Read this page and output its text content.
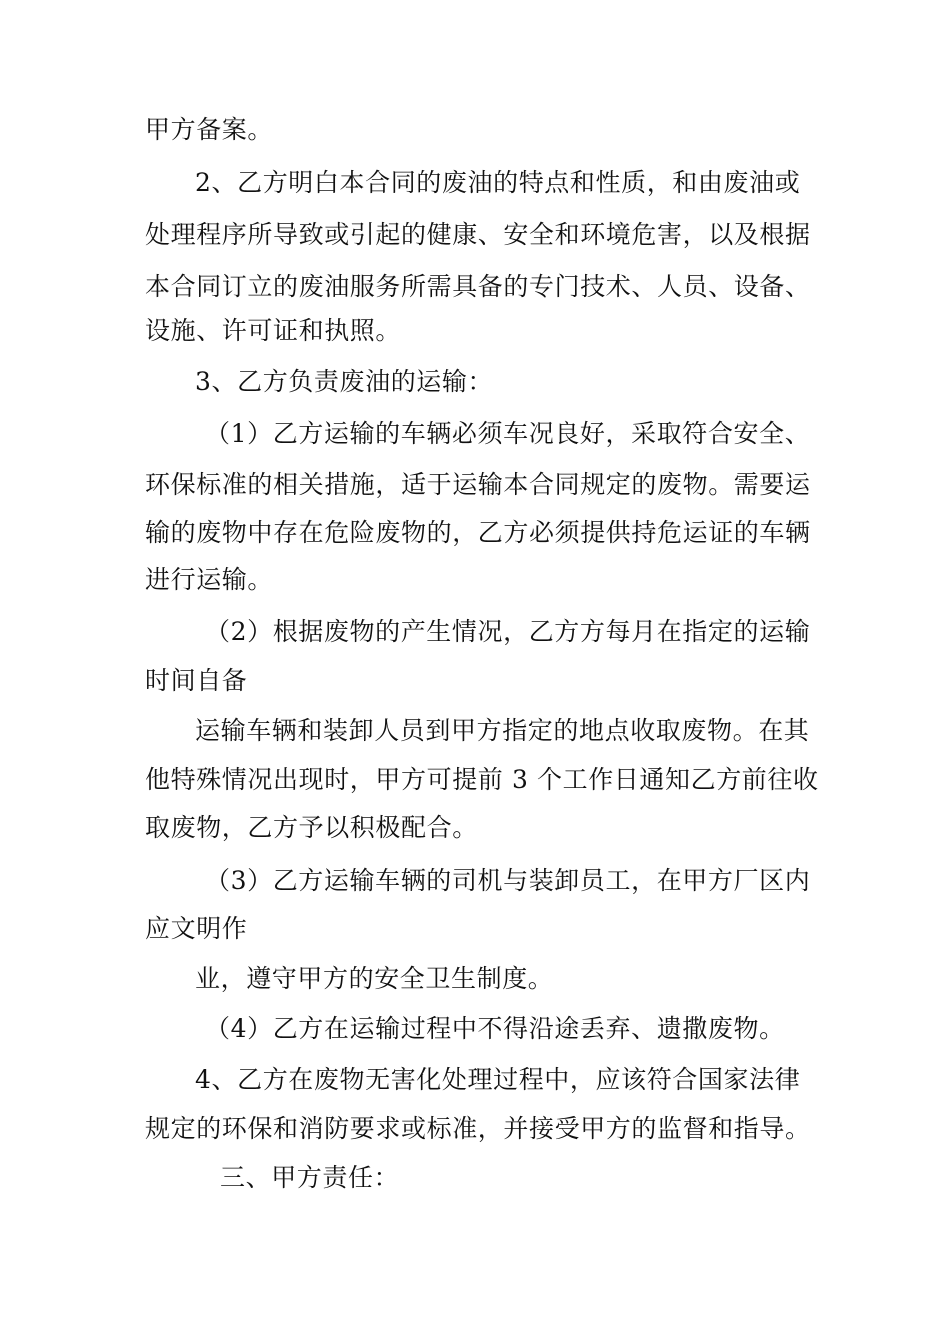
甲方备案。
2、乙方明白本合同的废油的特点和性质，和由废油或
处理程序所导致或引起的健康、安全和环境危害，以及根据
本合同订立的废油服务所需具备的专门技术、人员、设备、
设施、许可证和执照。
3、乙方负责废油的运输：
（1）乙方运输的车辆必须车况良好，采取符合安全、
环保标准的相关措施，适于运输本合同规定的废物。需要运
输的废物中存在危险废物的，乙方必须提供持危运证的车辆
进行运输。
（2）根据废物的产生情况，乙方方每月在指定的运输
时间自备
运输车辆和装卸人员到甲方指定的地点收取废物。在其
他特殊情况出现时，甲方可提前 3 个工作日通知乙方前往收
取废物，乙方予以积极配合。
（3）乙方运输车辆的司机与装卸员工，在甲方厂区内
应文明作
业，遵守甲方的安全卫生制度。
（4）乙方在运输过程中不得沿途丢弃、遗撒废物。
4、乙方在废物无害化处理过程中，应该符合国家法律
规定的环保和消防要求或标准，并接受甲方的监督和指导。
三、甲方责任：
